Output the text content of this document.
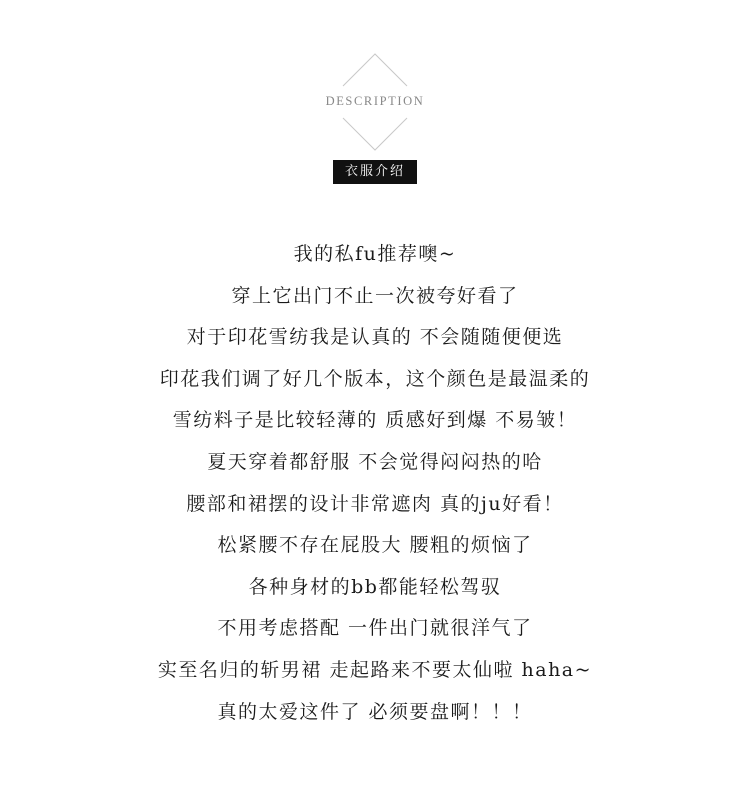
DESCRIPTION
衣服介绍
我的私fu推荐噢~
穿上它出门不止一次被夸好看了
对于印花雪纺我是认真的 不会随随便便选
印花我们调了好几个版本，这个颜色是最温柔的
雪纺料子是比较轻薄的 质感好到爆 不易皱！
夏天穿着都舒服 不会觉得闷闷热的哈
腰部和裙摆的设计非常遮肉 真的ju好看！
松紧腰不存在屁股大 腰粗的烦恼了
各种身材的bb都能轻松驾驭
不用考虑搭配 一件出门就很洋气了
实至名归的斩男裙 走起路来不要太仙啦 haha~
真的太爱这件了 必须要盘啊！！！
